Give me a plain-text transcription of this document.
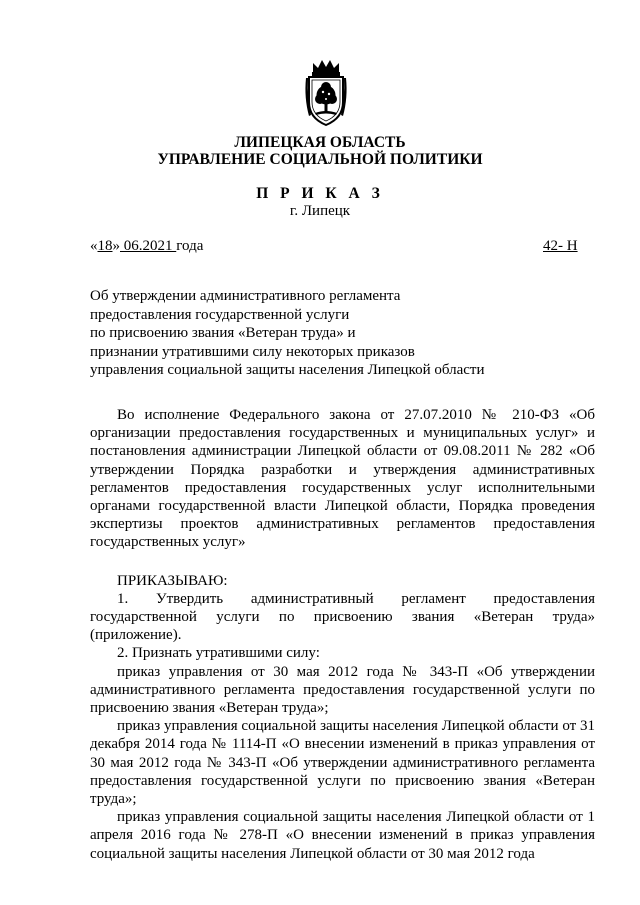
ЛИПЕЦКАЯ ОБЛАСТЬ
УПРАВЛЕНИЕ СОЦИАЛЬНОЙ ПОЛИТИКИ
П Р И К А З
г. Липецк
«18» 06.2021 года	42- Н
Об утверждении административного регламента
предоставления государственной услуги
по присвоению звания «Ветеран труда» и
признании утратившими силу некоторых приказов
управления социальной защиты населения Липецкой области

Во исполнение Федерального закона от 27.07.2010 № 210-ФЗ «Об организации предоставления государственных и муниципальных услуг» и постановления администрации Липецкой области от 09.08.2011 № 282 «Об утверждении Порядка разработки и утверждения административных регламентов предоставления государственных услуг исполнительными органами государственной власти Липецкой области, Порядка проведения экспертизы проектов административных регламентов предоставления государственных услуг»

ПРИКАЗЫВАЮ:

1. Утвердить административный регламент предоставления государственной услуги по присвоению звания «Ветеран труда» (приложение).

2. Признать утратившими силу:

приказ управления от 30 мая 2012 года № 343-П «Об утверждении административного регламента предоставления государственной услуги по присвоению звания «Ветеран труда»;

приказ управления социальной защиты населения Липецкой области от 31 декабря 2014 года № 1114-П «О внесении изменений в приказ управления от 30 мая 2012 года № 343-П «Об утверждении административного регламента предоставления государственной услуги по присвоению звания «Ветеран труда»;

приказ управления социальной защиты населения Липецкой области от 1 апреля 2016 года № 278-П «О внесении изменений в приказ управления социальной защиты населения Липецкой области от 30 мая 2012 года
